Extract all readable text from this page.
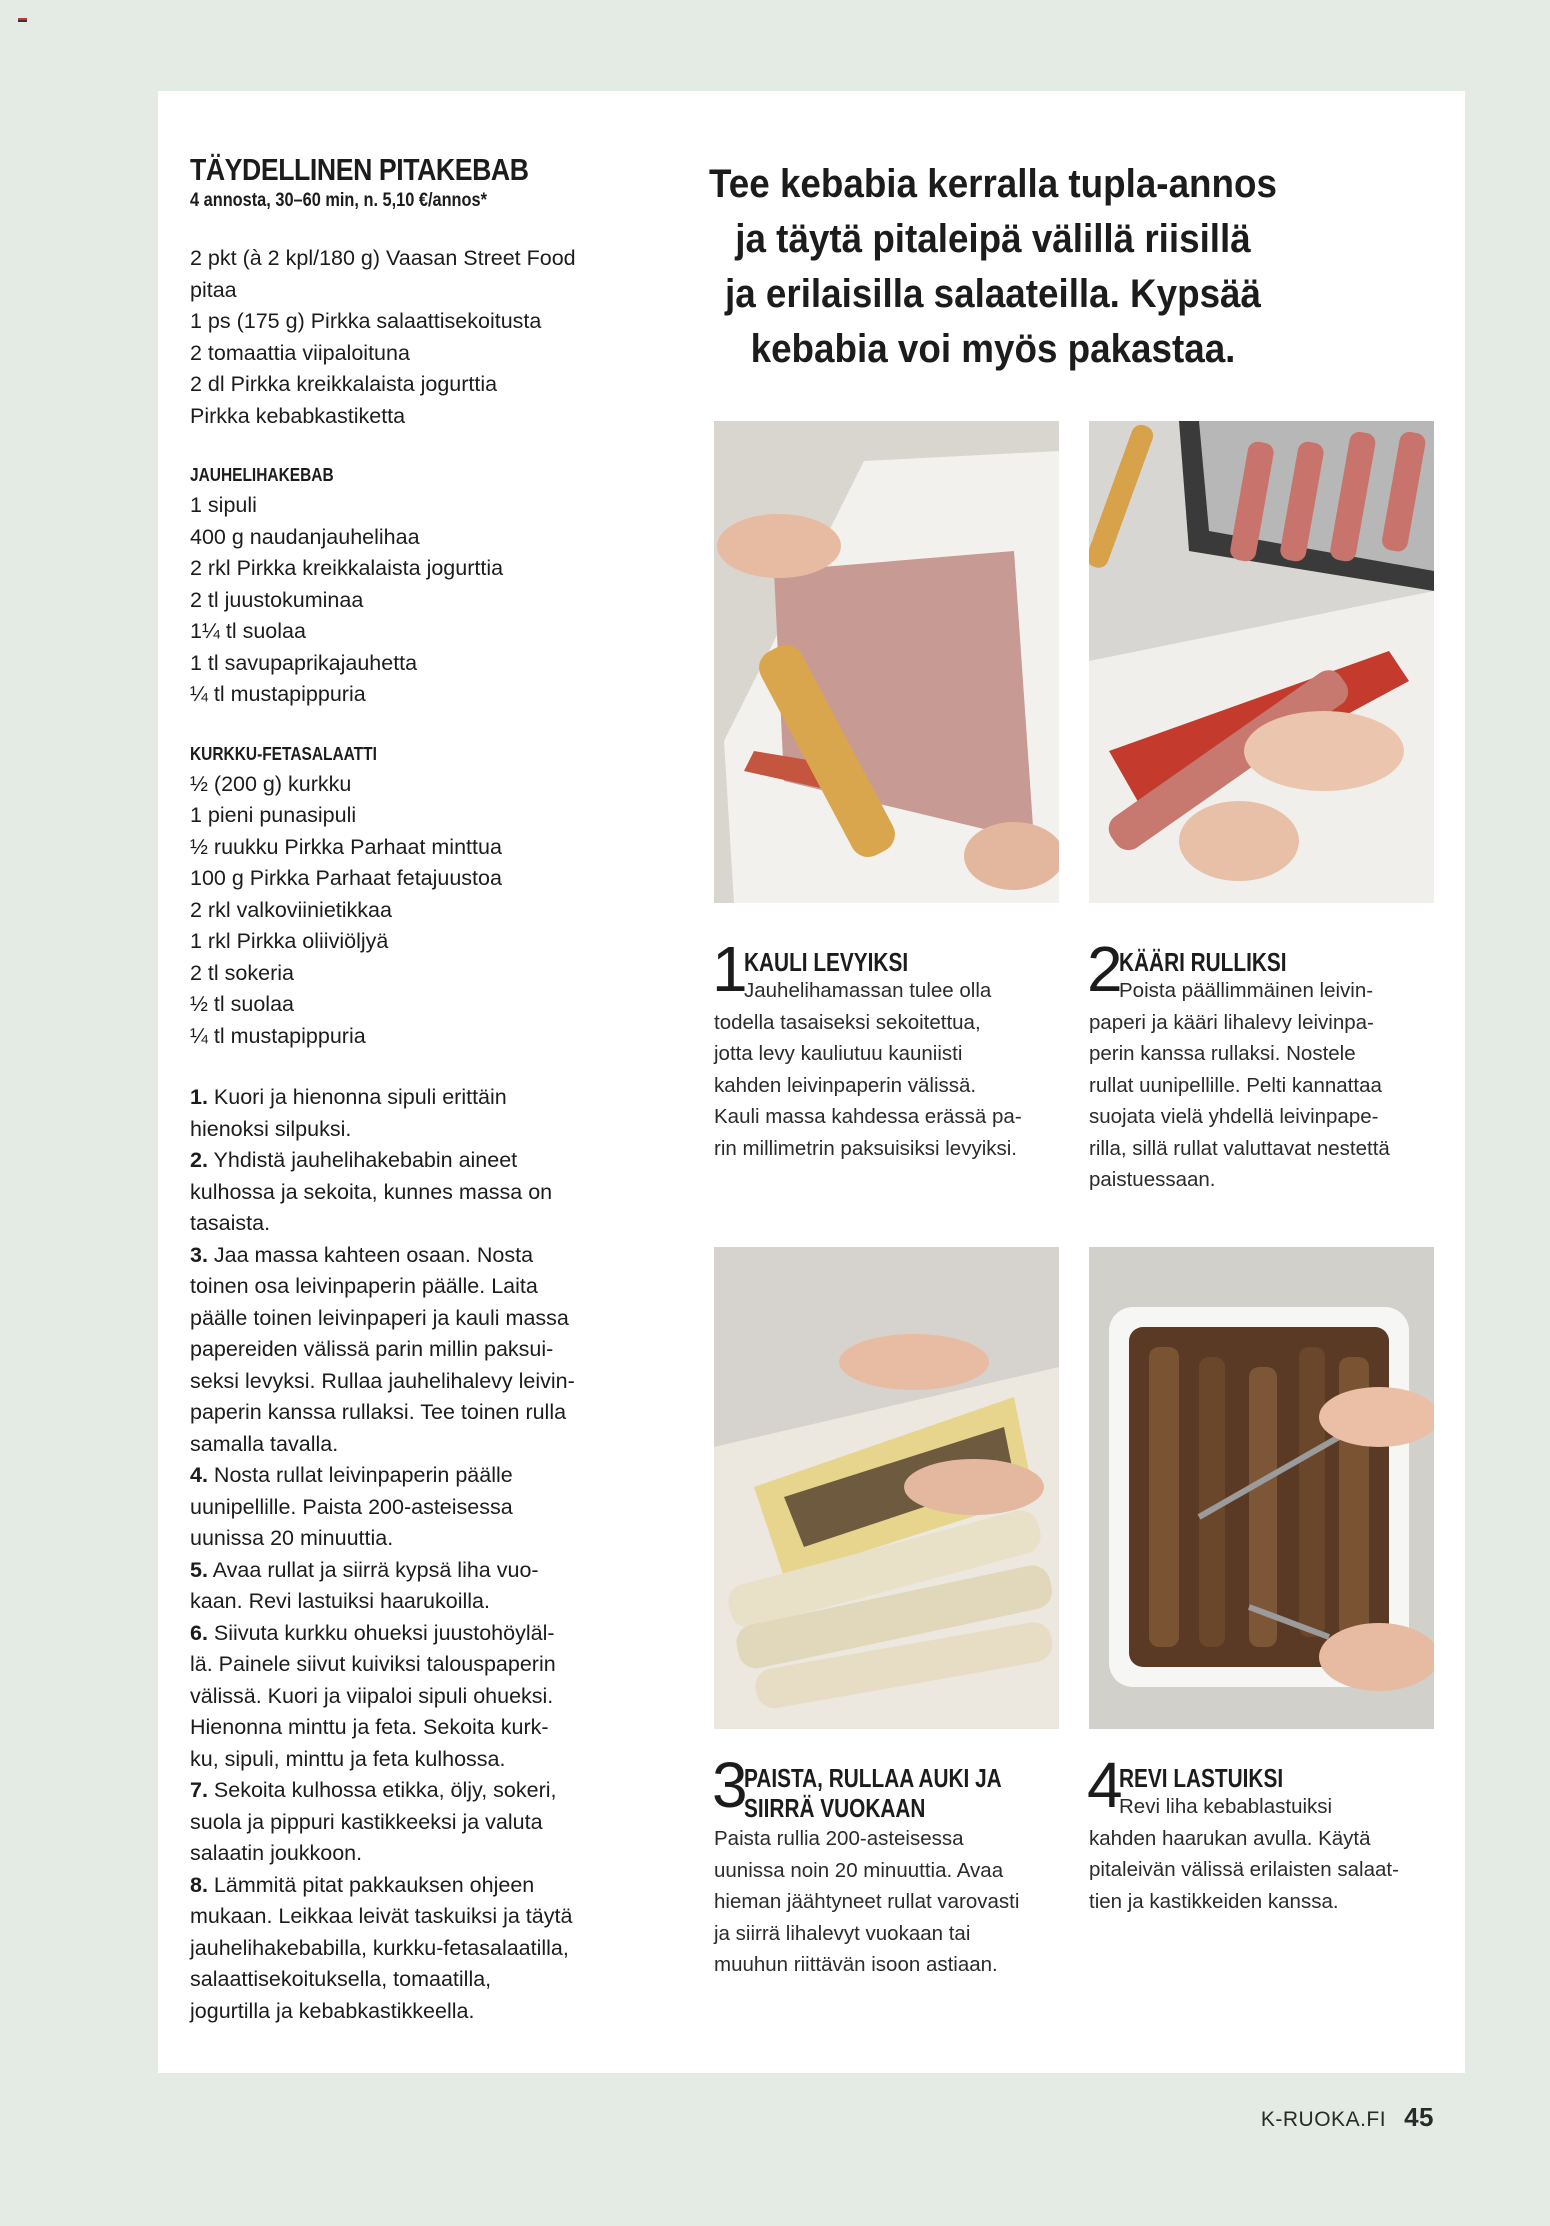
TÄYDELLINEN PITAKEBAB
4 annosta, 30–60 min, n. 5,10 €/annos*
2 pkt (à 2 kpl/180 g) Vaasan Street Food
pitaa
1 ps (175 g) Pirkka salaattisekoitusta
2 tomaattia viipaloituna
2 dl Pirkka kreikkalaista jogurttia
Pirkka kebabkastiketta
JAUHELIHAKEBAB
1 sipuli
400 g naudanjauhelihaa
2 rkl Pirkka kreikkalaista jogurttia
2 tl juustokuminaa
1¼ tl suolaa
1 tl savupaprikajauhetta
¼ tl mustapippuria
KURKKU-FETASALAATTI
½ (200 g) kurkku
1 pieni punasipuli
½ ruukku Pirkka Parhaat minttua
100 g Pirkka Parhaat fetajuustoa
2 rkl valkoviinietikkaa
1 rkl Pirkka oliiviöljyä
2 tl sokeria
½ tl suolaa
¼ tl mustapippuria
1. Kuori ja hienonna sipuli erittäin
hienoksi silpuksi.
2. Yhdistä jauhelihakebabin aineet
kulhossa ja sekoita, kunnes massa on
tasaista.
3. Jaa massa kahteen osaan. Nosta
toinen osa leivinpaperin päälle. Laita
päälle toinen leivinpaperi ja kauli massa
papereiden välissä parin millin paksui-
seksi levyksi. Rullaa jauhelihalevy leivin-
paperin kanssa rullaksi. Tee toinen rulla
samalla tavalla.
4. Nosta rullat leivinpaperin päälle
uunipellille. Paista 200-asteisessa
uunissa 20 minuuttia.
5. Avaa rullat ja siirrä kypsä liha vuo-
kaan. Revi lastuiksi haarukoilla.
6. Siivuta kurkku ohueksi juustohöyläl-
lä. Painele siivut kuiviksi talouspaperin
välissä. Kuori ja viipaloi sipuli ohueksi.
Hienonna minttu ja feta. Sekoita kurk-
ku, sipuli, minttu ja feta kulhossa.
7. Sekoita kulhossa etikka, öljy, sokeri,
suola ja pippuri kastikkeeksi ja valuta
salaatin joukkoon.
8. Lämmitä pitat pakkauksen ohjeen
mukaan. Leikkaa leivät taskuiksi ja täytä
jauhelihakebabilla, kurkku-fetasalaatilla,
salaattisekoituksella, tomaatilla,
jogurtilla ja kebabkastikkeella.
Tee kebabia kerralla tupla-annos
ja täytä pitaleipä välillä riisillä
ja erilaisilla salaateilla. Kypsää
kebabia voi myös pakastaa.
1
KAULI LEVYIKSI
Jauhelihamassan tulee olla
todella tasaiseksi sekoitettua,
jotta levy kauliutuu kauniisti
kahden leivinpaperin välissä.
Kauli massa kahdessa erässä pa-
rin millimetrin paksuisiksi levyiksi.
2
KÄÄRI RULLIKSI
Poista päällimmäinen leivin-
paperi ja kääri lihalevy leivinpa-
perin kanssa rullaksi. Nostele
rullat uunipellille. Pelti kannattaa
suojata vielä yhdellä leivinpape-
rilla, sillä rullat valuttavat nestettä
paistuessaan.
3
PAISTA, RULLAA AUKI JA
SIIRRÄ VUOKAAN
Paista rullia 200-asteisessa
uunissa noin 20 minuuttia. Avaa
hieman jäähtyneet rullat varovasti
ja siirrä lihalevyt vuokaan tai
muuhun riittävän isoon astiaan.
4
REVI LASTUIKSI
Revi liha kebablastuiksi
kahden haarukan avulla. Käytä
pitaleivän välissä erilaisten salaat-
tien ja kastikkeiden kanssa.
K-RUOKA.FI 45
